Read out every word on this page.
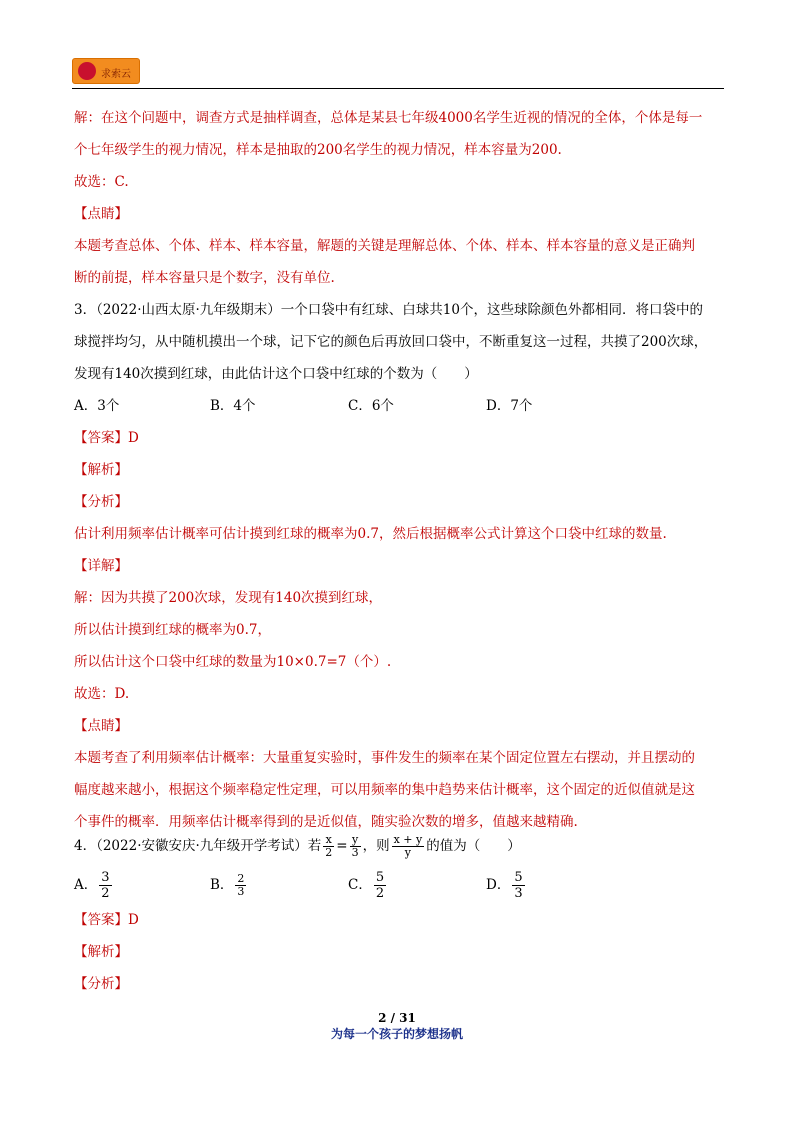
求索云
解：在这个问题中，调查方式是抽样调查，总体是某县七年级4000名学生近视的情况的全体，个体是每一
个七年级学生的视力情况，样本是抽取的200名学生的视力情况，样本容量为200.
故选：C.
【点睛】
本题考查总体、个体、样本、样本容量，解题的关键是理解总体、个体、样本、样本容量的意义是正确判
断的前提，样本容量只是个数字，没有单位.
3．（2022·山西太原·九年级期末）一个口袋中有红球、白球共10个，这些球除颜色外都相同．将口袋中的
球搅拌均匀，从中随机摸出一个球，记下它的颜色后再放回口袋中，不断重复这一过程，共摸了200次球，
发现有140次摸到红球，由此估计这个口袋中红球的个数为（　　）
A．3个	B．4个	C．6个	D．7个
【答案】D
【解析】
【分析】
估计利用频率估计概率可估计摸到红球的概率为0.7，然后根据概率公式计算这个口袋中红球的数量.
【详解】
解：因为共摸了200次球，发现有140次摸到红球，
所以估计摸到红球的概率为0.7，
所以估计这个口袋中红球的数量为10×0.7=7（个）.
故选：D.
【点睛】
本题考查了利用频率估计概率：大量重复实验时，事件发生的频率在某个固定位置左右摆动，并且摆动的
幅度越来越小，根据这个频率稳定性定理，可以用频率的集中趋势来估计概率，这个固定的近似值就是这
个事件的概率．用频率估计概率得到的是近似值，随实验次数的增多，值越来越精确.
4．（2022·安徽安庆·九年级开学考试）若 $\frac{x}{2} = \frac{y}{3}$ ，则 $\frac{x + y}{y}$ 的值为（　　）
A． $\frac{3}{2}$	B． $\frac{2}{3}$	C． $\frac{5}{2}$	D． $\frac{5}{3}$
【答案】D
【解析】
【分析】
2 / 31
为每一个孩子的梦想扬帆
